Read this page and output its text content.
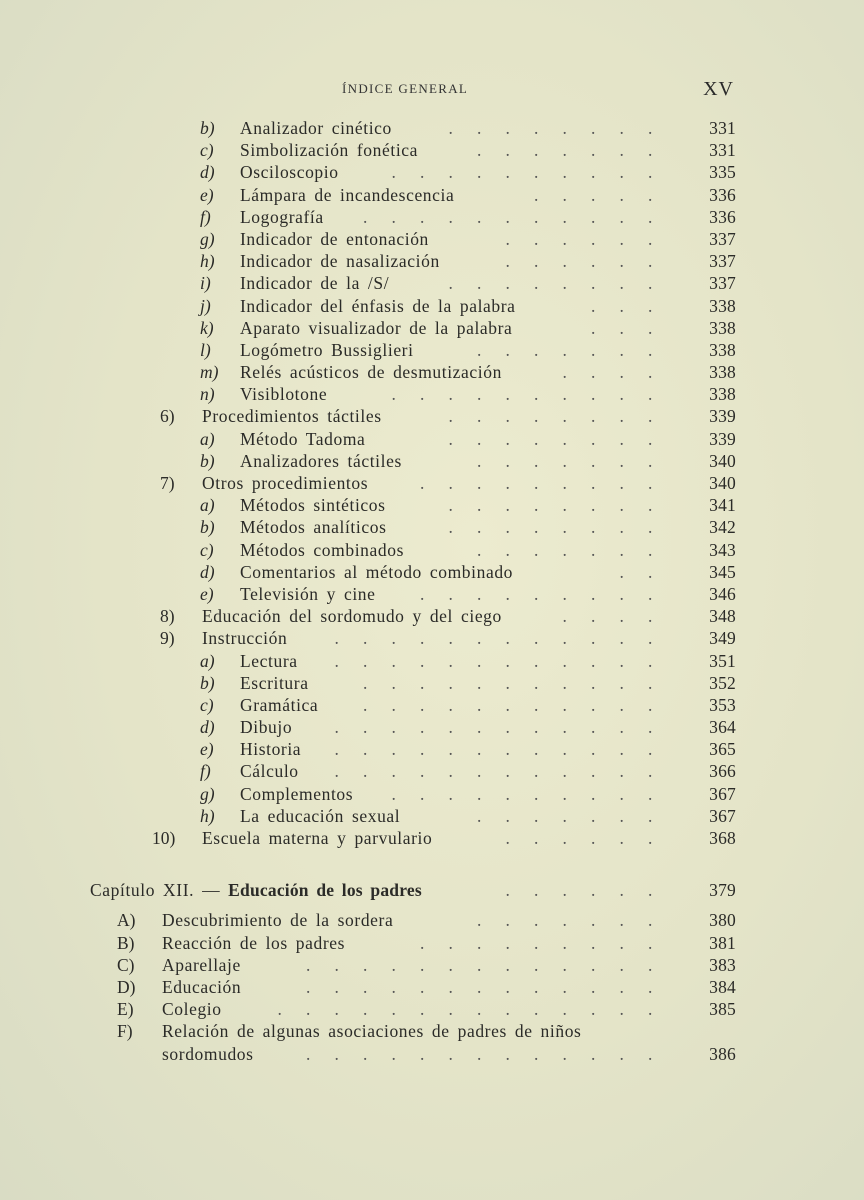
ÍNDICE GENERAL	XV
b) Analizador cinético	. . . . . . . .	331
c) Simbolización fonética	. . . . . . .	331
d) Osciloscopio	. . . . . . . . . .	335
e) Lámpara de incandescencia	. . . . .	336
f) Logografía . . . . . . . . . . .	336
g) Indicador de entonación	. . . . . .	337
h) Indicador de nasalización	. . . . . .	337
i) Indicador de la /S/	. . . . . . . .	337
j) Indicador del énfasis de la palabra	. . .	338
k) Aparato visualizador de la palabra	. . .	338
l) Logómetro Bussiglieri	. . . . . . .	338
m) Relés acústicos de desmutización	. . . .	338
n) Visiblotone	. . . . . . . . . .	338
6) Procedimientos táctiles	. . . . . . . .	339
a) Método Tadoma	. . . . . . . .	339
b) Analizadores táctiles	. . . . . . .	340
7) Otros procedimientos	. . . . . . . . .	340
a) Métodos sintéticos	. . . . . . . .	341
b) Métodos analíticos	. . . . . . . .	342
c) Métodos combinados	. . . . . . .	343
d) Comentarios al método combinado	. .	345
e) Televisión y cine	. . . . . . . . .	346
8) Educación del sordomudo y del ciego	. . . .	348
9) Instrucción	. . . . . . . . . . . .	349
a) Lectura . . . . . . . . . . . .	351
b) Escritura	. . . . . . . . . . .	352
c) Gramática	. . . . . . . . . . .	353
d) Dibujo . . . . . . . . . . . .	364
e) Historia . . . . . . . . . . . .	365
f) Cálculo . . . . . . . . . . . .	366
g) Complementos . . . . . . . . . .	367
h) La educación sexual	. . . . . . .	367
10) Escuela materna y parvulario	. . . . . .	368
Capítulo XII. — Educación de los padres	. . . . . .	379
A) Descubrimiento de la sordera	. . . . . . .	380
B) Reacción de los padres	. . . . . . . . .	381
C) Aparellaje	. . . . . . . . . . . . .	383
D) Educación	. . . . . . . . . . . . .	384
E) Colegio	. . . . . . . . . . . . . .	385
F) Relación de algunas asociaciones de padres de niños
sordomudos	. . . . . . . . . . . . .	386
